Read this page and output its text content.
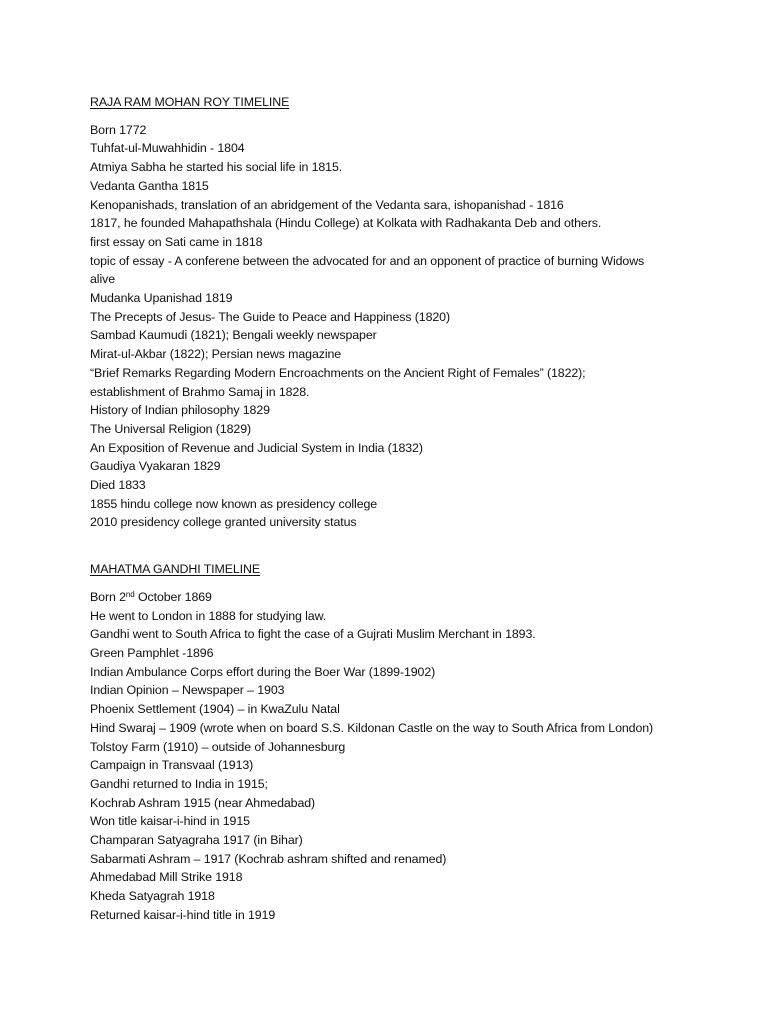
RAJA RAM MOHAN ROY TIMELINE
Born 1772
Tuhfat-ul-Muwahhidin - 1804
Atmiya Sabha he started his social life in 1815.
Vedanta Gantha 1815
Kenopanishads, translation of an abridgement of the Vedanta sara, ishopanishad - 1816
1817, he founded Mahapathshala (Hindu College) at Kolkata with Radhakanta Deb and others.
first essay on Sati came in 1818
topic of essay - A conferene between the advocated for and an opponent of practice of burning Widows
alive
Mudanka Upanishad 1819
The Precepts of Jesus- The Guide to Peace and Happiness (1820)
Sambad Kaumudi (1821); Bengali weekly newspaper
Mirat-ul-Akbar (1822); Persian news magazine
“Brief Remarks Regarding Modern Encroachments on the Ancient Right of Females” (1822);
establishment of Brahmo Samaj in 1828.
History of Indian philosophy 1829
The Universal Religion (1829)
An Exposition of Revenue and Judicial System in India (1832)
Gaudiya Vyakaran 1829
Died 1833
1855 hindu college now known as presidency college
2010 presidency college granted university status
MAHATMA GANDHI TIMELINE
Born 2nd October 1869
He went to London in 1888 for studying law.
Gandhi went to South Africa to fight the case of a Gujrati Muslim Merchant in 1893.
Green Pamphlet -1896
Indian Ambulance Corps effort during the Boer War (1899-1902)
Indian Opinion – Newspaper – 1903
Phoenix Settlement (1904) – in KwaZulu Natal
Hind Swaraj – 1909 (wrote when on board S.S. Kildonan Castle on the way to South Africa from London)
Tolstoy Farm (1910) – outside of Johannesburg
Campaign in Transvaal (1913)
Gandhi returned to India in 1915;
Kochrab Ashram 1915 (near Ahmedabad)
Won title kaisar-i-hind in 1915
Champaran Satyagraha 1917 (in Bihar)
Sabarmati Ashram – 1917 (Kochrab ashram shifted and renamed)
Ahmedabad Mill Strike 1918
Kheda Satyagrah 1918
Returned kaisar-i-hind title in 1919
